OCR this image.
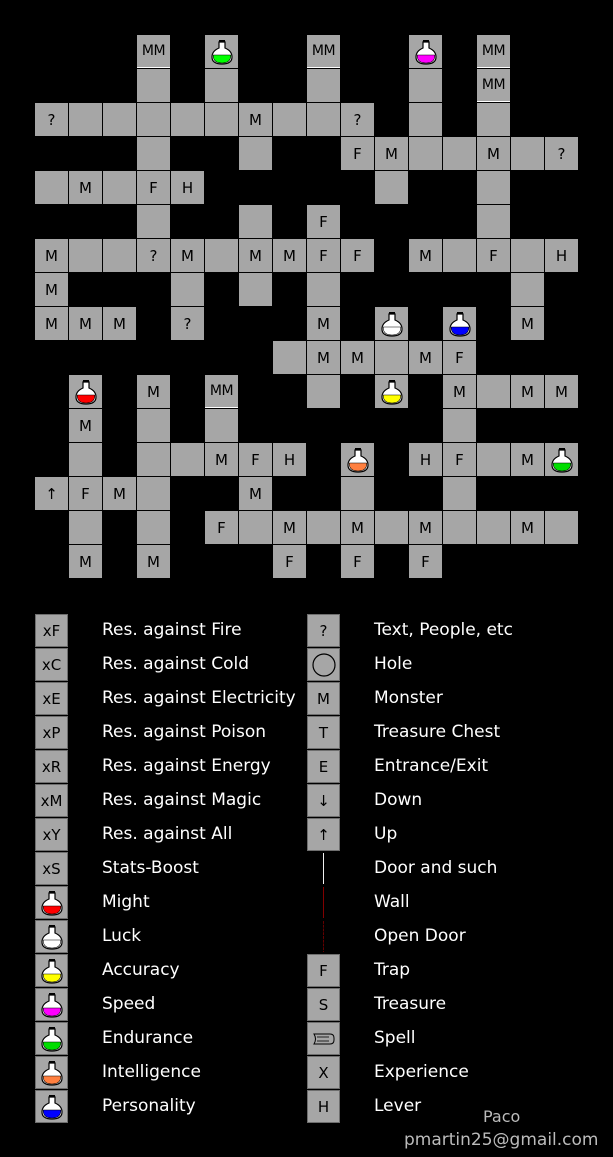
MM	MM	MM
MM
?	M	?
F M	M	?
M	F H
F
M	? M	M M F F	M	F	H
M
M M M	?	M	M
M M	M F
M	MM	M	M M
M
M F H	H F	M
↑ F M	M
F	M	M	M	M
M	M	F	F	F
xF Res. against Fire
xC Res. against Cold
xE Res. against Electricity
xP Res. against Poison
xR Res. against Energy
xM Res. against Magic
xY Res. against All
xS Stats-Boost
Might
Luck
Accuracy
Speed
Endurance
Intelligence
Personality
?	Text, People, etc
Hole
M	Monster
T	Treasure Chest
E	Entrance/Exit
↓	Down
↑	Up
Door and such
Wall
Open Door
F	Trap
S	Treasure
Spell
X	Experience
H	Lever
Paco
pmartin25@gmail.com
